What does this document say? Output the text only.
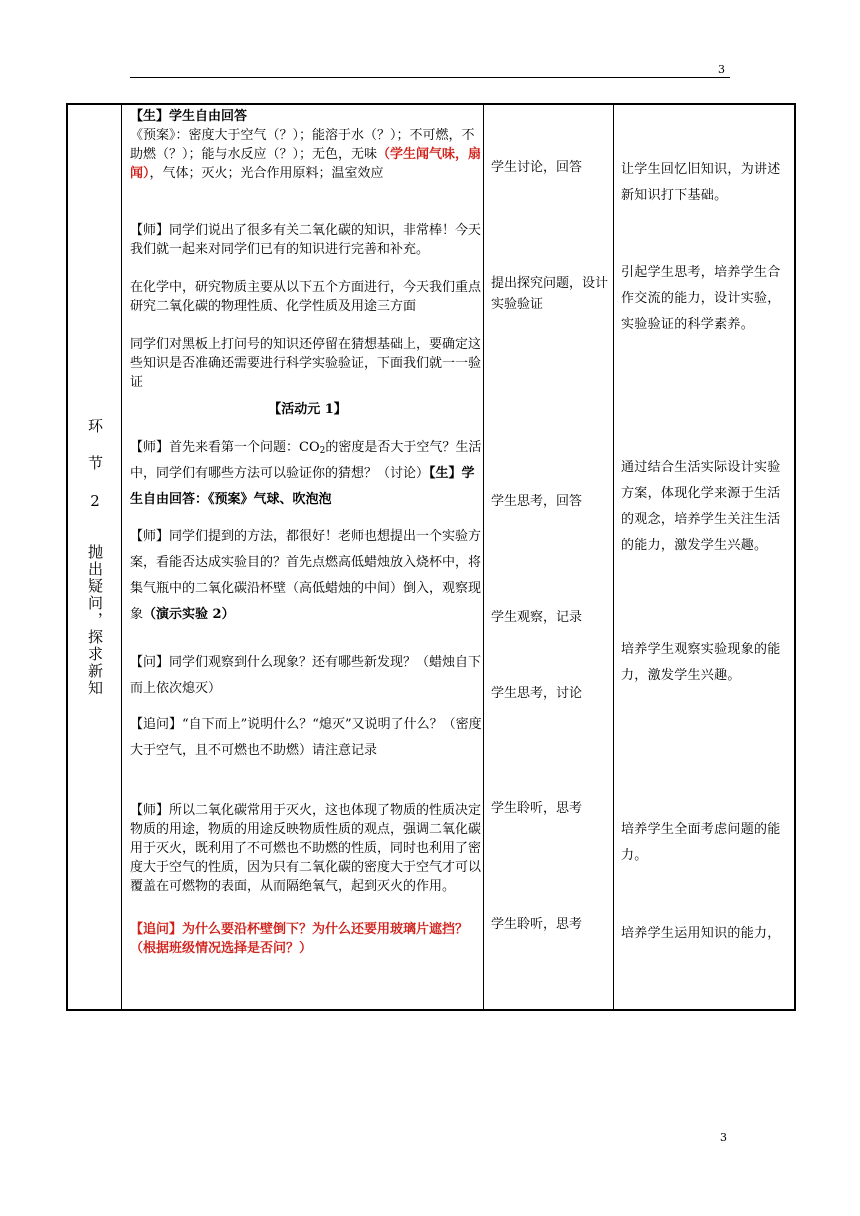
3
环 节 2
抛出疑问，探求新知

【生】学生自由回答
《预案》：密度大于空气（？）；能溶于水（？）；不可燃，不助燃（？）；能与水反应（？）；无色，无味（学生闻气味，扇闻），气体；灭火；光合作用原料；温室效应

【师】同学们说出了很多有关二氧化碳的知识，非常棒！今天我们就一起来对同学们已有的知识进行完善和补充。

在化学中，研究物质主要从以下五个方面进行，今天我们重点研究二氧化碳的物理性质、化学性质及用途三方面

同学们对黑板上打问号的知识还停留在猜想基础上，要确定这些知识是否准确还需要进行科学实验验证，下面我们就一一验证

【活动元 1】

【师】首先来看第一个问题：$CO_2$的密度是否大于空气？生活中，同学们有哪些方法可以验证你的猜想？（讨论）【生】学生自由回答：《预案》气球、吹泡泡

【师】同学们提到的方法，都很好！老师也想提出一个实验方案，看能否达成实验目的？首先点燃高低蜡烛放入烧杯中，将集气瓶中的二氧化碳沿杯壁（高低蜡烛的中间）倒入，观察现象（演示实验 2）

【问】同学们观察到什么现象？还有哪些新发现？（蜡烛自下而上依次熄灭）

【追问】“自下而上”说明什么？“熄灭”又说明了什么？（密度大于空气，且不可燃也不助燃）请注意记录

【师】所以二氧化碳常用于灭火，这也体现了物质的性质决定物质的用途，物质的用途反映物质性质的观点，强调二氧化碳用于灭火，既利用了不可燃也不助燃的性质，同时也利用了密度大于空气的性质，因为只有二氧化碳的密度大于空气才可以覆盖在可燃物的表面，从而隔绝氧气，起到灭火的作用。

【追问】为什么要沿杯壁倒下？为什么还要用玻璃片遮挡？（根据班级情况选择是否问？）

学生讨论，回答

提出探究问题，设计实验验证

学生思考，回答

学生观察，记录

学生思考，讨论

学生聆听，思考

学生聆听，思考

让学生回忆旧知识，为讲述新知识打下基础。

引起学生思考，培养学生合作交流的能力，设计实验，实验验证的科学素养。

通过结合生活实际设计实验方案，体现化学来源于生活的观念，培养学生关注生活的能力，激发学生兴趣。

培养学生观察实验现象的能力，激发学生兴趣。

培养学生全面考虑问题的能力。

培养学生运用知识的能力，

3
